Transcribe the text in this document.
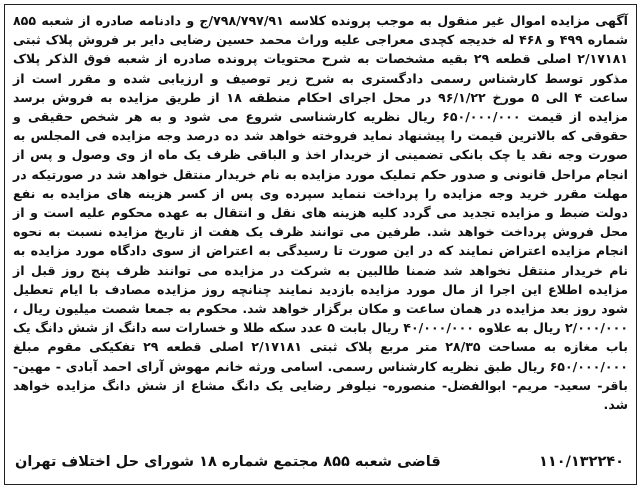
آگهی مزایده اموال غیر منقول به موجب پرونده کلاسه ۷۹۸/۷۹۷/۹۱/ج و دادنامه صادره از شعبه ۸۵۵ شماره ۴۹۹ و ۴۶۸ له خدیجه کچدی معراجی علیه وراث محمد حسین رضایی دایر بر فروش پلاک ثبتی ۲/۱۷۱۸۱ اصلی قطعه ۲۹ بقیه مشخصات به شرح محتویات پرونده صادره از شعبه فوق الذکر پلاک مذکور توسط کارشناس رسمی دادگستری به شرح زیر توصیف و ارزیابی شده و مقرر است از ساعت ۴ الی ۵ مورخ ۹۶/۱/۲۲ در محل اجرای احکام منطقه ۱۸ از طریق مزایده به فروش برسد مزایده از قیمت ۶۵۰/۰۰۰/۰۰۰ ریال نظریه کارشناسی شروع می شود و به هر شخص حقیقی و حقوقی که بالاترین قیمت را پیشنهاد نماید فروخته خواهد شد ده درصد وجه مزایده فی المجلس به صورت وجه نقد یا چک بانکی تضمینی از خریدار اخذ و الباقی ظرف یک ماه از وی وصول و پس از انجام مراحل قانونی و صدور حکم تملیک مورد مزایده به نام خریدار منتقل خواهد شد در صورتیکه در مهلت مقرر خرید وجه مزایده را پرداخت ننماید سپرده وی پس از کسر هزینه های مزایده به نفع دولت ضبط و مزایده تجدید می گردد کلیه هزینه های نقل و انتقال به عهده محکوم علیه است و از محل فروش پرداخت خواهد شد. طرفین می توانند ظرف یک هفت از تاریخ مزایده نسبت به نحوه انجام مزایده اعتراض نمایند که در این صورت تا رسیدگی به اعتراض از سوی دادگاه مورد مزایده به نام خریدار منتقل نخواهد شد ضمنا طالبین به شرکت در مزایده می توانند ظرف پنج روز قبل از مزایده اطلاع این اجرا از مال مورد مزایده بازدید نمایند چنانچه روز مزایده مصادف با ایام تعطیل شود روز بعد مزایده در همان ساعت و مکان برگزار خواهد شد. محکوم به جمعا شصت میلیون ریال ، ۲/۰۰۰/۰۰۰ ریال به علاوه ۴۰/۰۰۰/۰۰۰ ریال بابت ۵ عدد سکه طلا و خسارات سه دانگ از شش دانگ یک باب مغازه به مساحت ۲۸/۳۵ متر مربع پلاک ثبتی ۲/۱۷۱۸۱ اصلی قطعه ۲۹ تفکیکی مقوم مبلغ ۶۵۰/۰۰۰/۰۰۰ ریال طبق نظریه کارشناس رسمی. اسامی ورثه خانم مهوش آرای احمد آبادی - مهین- باقر- سعید- مریم- ابوالفضل- منصوره- نیلوفر رضایی یک دانگ مشاع از شش دانگ مزایده خواهد شد.

قاضی شعبه ۸۵۵ مجتمع شماره ۱۸ شورای حل اختلاف تهران	۱۱۰/۱۳۲۲۴۰
